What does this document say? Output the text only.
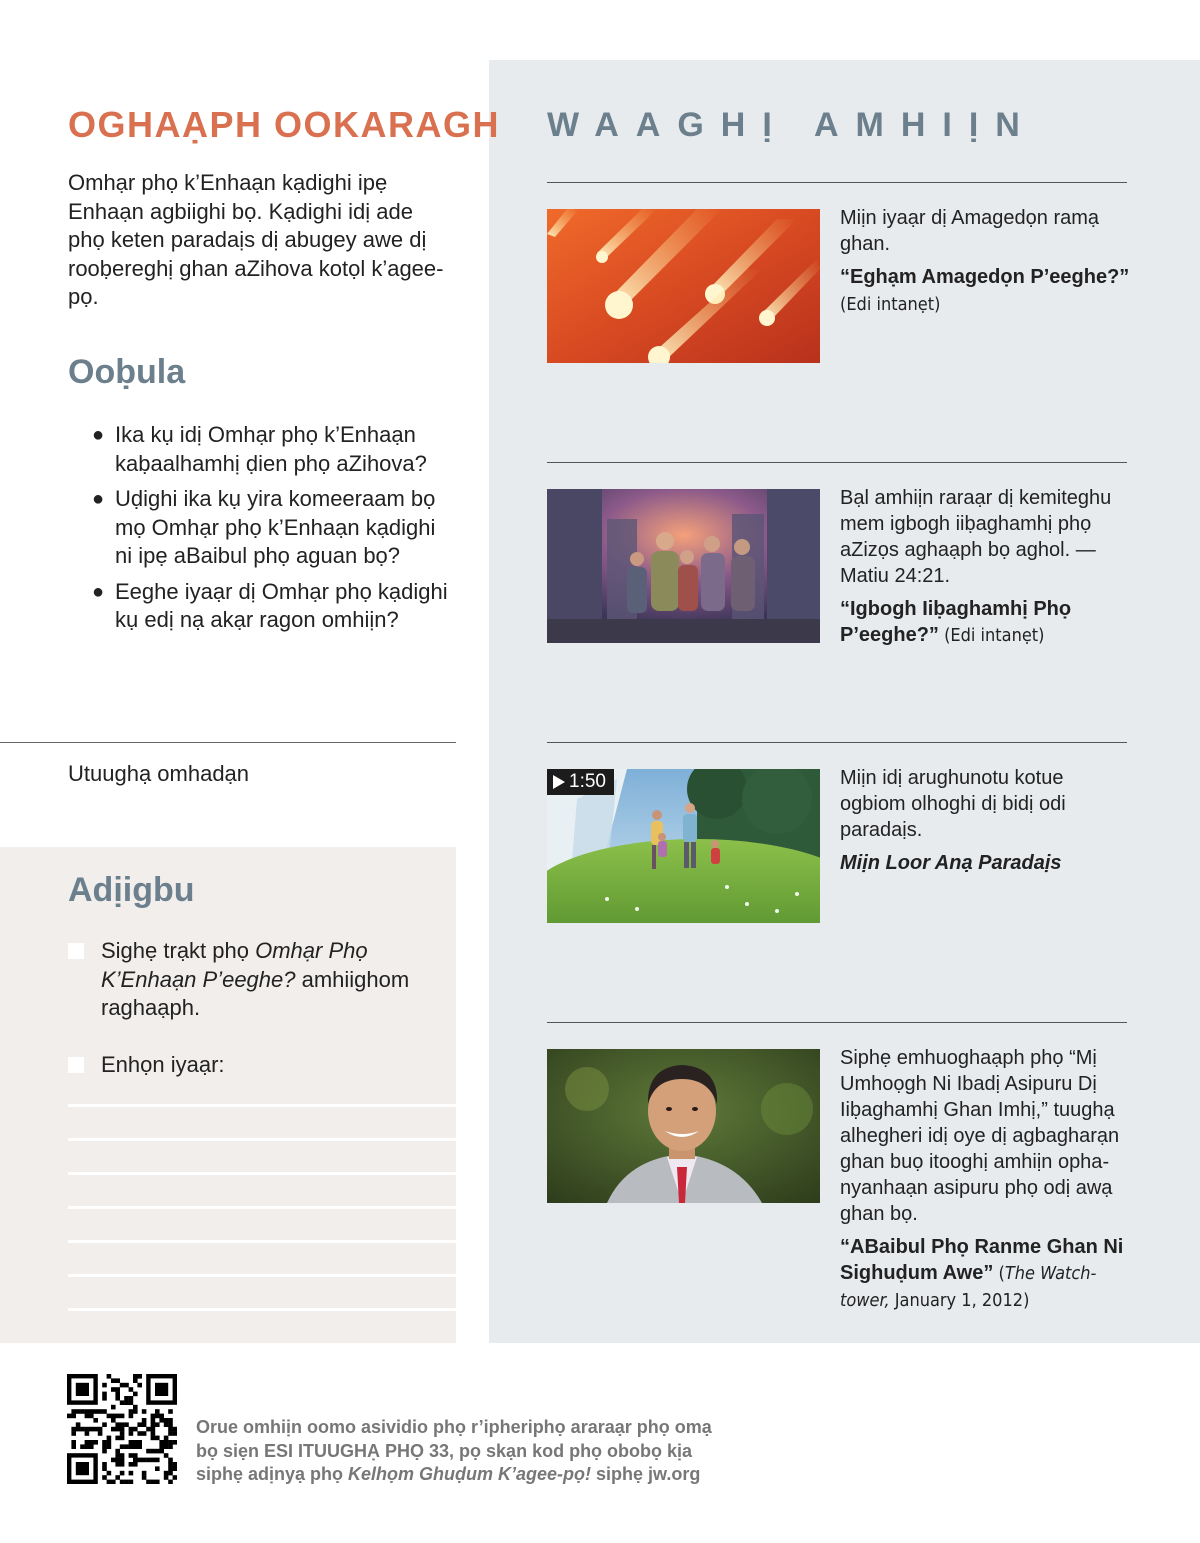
OGHAẠPH OOKARAGH

Omhạr phọ k’Enhaạn kạdighi ipẹ Enhaạn agbiighi bọ. Kạdighi idị ade phọ keten paradaịs dị abugey awe dị rooḅereghị ghan aZihova kotọl k’agee-pọ.

Ooḅula
● Ika kụ idị Omhạr phọ k’Enhaạn kaḅaalhamhị ḍien phọ aZihova?
● Uḍighi ika kụ yira komeeraam bọ mọ Omhạr phọ k’Enhaạn kạdighi ni ipẹ aBaibul phọ aguan bọ?
● Eeghe iyaạr dị Omhạr phọ kạdighi kụ edị nạ akạr ragon omhiịn?
Utuughạ omhadạn
Adịigbu
Sighẹ trạkt phọ Omhạr Phọ K’Enhaạn P’eeghe? amhiighom raghaạph.
Enhọn iyaạr:
WAAGHỊ AMHIỊN
Miịn iyaạr dị Amagedọn ramạ ghan.
“Eghạm Amagedọn P’eeghe?” (Edi intanẹt)
Bạl amhiịn raraạr dị kemiteghu mem igbogh iiḅaghamhị phọ aZizọs aghaạph bọ aghol. —Matiu 24:21.
“Igbogh Iiḅaghamhị Phọ P’eeghe?” (Edi intanẹt)
1:50	Miịn idị arughunotu kotue ogbiom olhoghi dị bidị odi paradaịs.
Miịn Loor Anạ Paradaịs
Siphẹ emhuoghaạph phọ “Mị Umhoọgh Ni Ibadị Asipuru Dị Iiḅaghamhị Ghan Imhị,” tuughạ alhegheri idị oye dị agbagharạn ghan buọ itooghị amhiịn ophanyanhaạn asipuru phọ odị awạ ghan bọ.
“ABaibul Phọ Ranme Ghan Ni Sighuḍum Awe” (The Watchtower, January 1, 2012)

Orue omhiịn oomo asividio phọ r’ipheriphọ araraạr phọ omạ bọ siẹn ESI ITUUGHẠ PHỌ 33, pọ skạn kod phọ obobọ kịa siphẹ adịnyạ phọ Kelhọm Ghuḍum K’agee-pọ! siphẹ jw.org
